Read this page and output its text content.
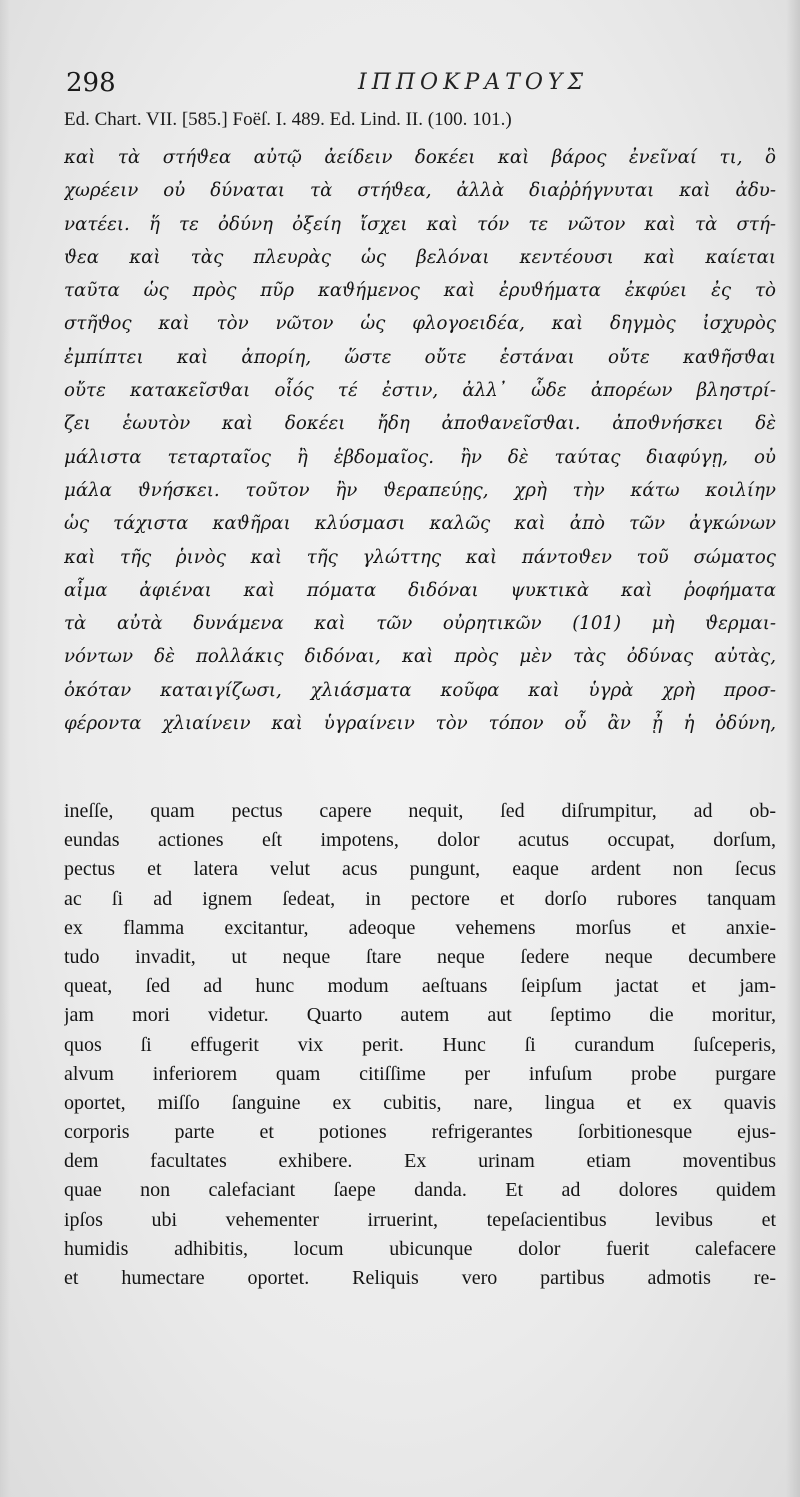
298	ΙΠΠΟΚΡΑΤΟΥΣ
Ed. Chart. VII. [585.] Foëſ. I. 489. Ed. Lind. II. (100. 101.)
καὶ τὰ στήϑεα αὐτῷ ἀείδειν δοκέει καὶ βάρος ἐνεῖναί τι, ὃ
χωρέειν οὐ δύναται τὰ στήϑεα, ἀλλὰ διαῤῥήγνυται καὶ ἀδυ-
νατέει. ἥ τε ὀδύνη ὀξείη ἴσχει καὶ τόν τε νῶτον καὶ τὰ στή-
ϑεα καὶ τὰς πλευρὰς ὡς βελόναι κεντέουσι καὶ καίεται
ταῦτα ὡς πρὸς πῦρ καϑήμενος καὶ ἐρυϑήματα ἐκφύει ἐς τὸ
στῆϑος καὶ τὸν νῶτον ὡς φλογοειδέα, καὶ δηγμὸς ἰσχυρὸς
ἐμπίπτει καὶ ἀπορίη, ὥστε οὔτε ἑστάναι οὔτε καϑῆσϑαι
οὔτε κατακεῖσϑαι οἷός τέ ἐστιν, ἀλλ᾽ ὧδε ἀπορέων βληστρί-
ζει ἑωυτὸν καὶ δοκέει ἤδη ἀποϑανεῖσϑαι. ἀποϑνήσκει δὲ
μάλιστα τεταρταῖος ἢ ἑβδομαῖος. ἢν δὲ ταύτας διαφύγῃ, οὐ
μάλα ϑνήσκει. τοῦτον ἢν ϑεραπεύῃς, χρὴ τὴν κάτω κοιλίην
ὡς τάχιστα καϑῆραι κλύσμασι καλῶς καὶ ἀπὸ τῶν ἀγκώνων
καὶ τῆς ῥινὸς καὶ τῆς γλώττης καὶ πάντοϑεν τοῦ σώματος
αἷμα ἀφιέναι καὶ πόματα διδόναι ψυκτικὰ καὶ ῥοφήματα
τὰ αὐτὰ δυνάμενα καὶ τῶν οὐρητικῶν (101) μὴ ϑερμαι-
νόντων δὲ πολλάκις διδόναι, καὶ πρὸς μὲν τὰς ὀδύνας αὐτὰς,
ὁκόταν καταιγίζωσι, χλιάσματα κοῦφα καὶ ὑγρὰ χρὴ προσ-
φέροντα χλιαίνειν καὶ ὑγραίνειν τὸν τόπον οὗ ἂν ᾖ ἡ ὀδύνη,
ineſſe, quam pectus capere nequit, ſed diſrumpitur, ad ob-
eundas actiones eſt impotens, dolor acutus occupat, dorſum,
pectus et latera velut acus pungunt, eaque ardent non ſecus
ac ſi ad ignem ſedeat, in pectore et dorſo rubores tanquam
ex flamma excitantur, adeoque vehemens morſus et anxie-
tudo invadit, ut neque ſtare neque ſedere neque decumbere
queat, ſed ad hunc modum aeſtuans ſeipſum jactat et jam-
jam mori videtur. Quarto autem aut ſeptimo die moritur,
quos ſi effugerit vix perit. Hunc ſi curandum ſuſceperis,
alvum inferiorem quam citiſſime per infuſum probe purgare
oportet, miſſo ſanguine ex cubitis, nare, lingua et ex quavis
corporis parte et potiones refrigerantes ſorbitionesque ejus-
dem facultates exhibere. Ex urinam etiam moventibus
quae non calefaciant ſaepe danda. Et ad dolores quidem
ipſos ubi vehementer irruerint, tepeſacientibus levibus et
humidis adhibitis, locum ubicunque dolor fuerit calefacere
et humectare oportet. Reliquis vero partibus admotis re-
